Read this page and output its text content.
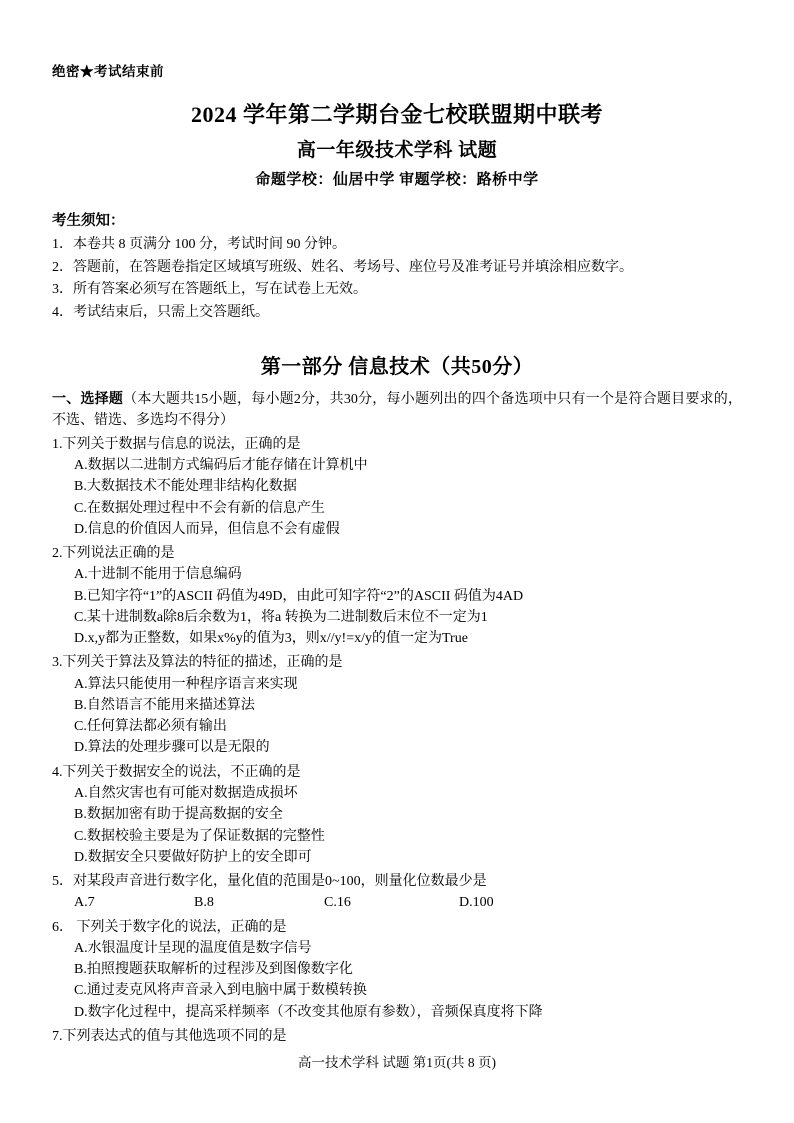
绝密★考试结束前
2024 学年第二学期台金七校联盟期中联考
高一年级技术学科 试题
命题学校：仙居中学 审题学校：路桥中学
考生须知：
1．本卷共 8 页满分 100 分，考试时间 90 分钟。
2．答题前，在答题卷指定区域填写班级、姓名、考场号、座位号及准考证号并填涂相应数字。
3．所有答案必须写在答题纸上，写在试卷上无效。
4．考试结束后，只需上交答题纸。
第一部分 信息技术（共50分）
一、选择题（本大题共15小题，每小题2分，共30分，每小题列出的四个备选项中只有一个是符合题目要求的，不选、错选、多选均不得分）
1.下列关于数据与信息的说法，正确的是
A.数据以二进制方式编码后才能存储在计算机中
B.大数据技术不能处理非结构化数据
C.在数据处理过程中不会有新的信息产生
D.信息的价值因人而异，但信息不会有虚假
2.下列说法正确的是
A.十进制不能用于信息编码
B.已知字符“1”的ASCII 码值为49D，由此可知字符“2”的ASCII 码值为4AD
C.某十进制数a除8后余数为1，将a 转换为二进制数后末位不一定为1
D.x,y都为正整数，如果x%y的值为3，则x//y!=x/y的值一定为True
3.下列关于算法及算法的特征的描述，正确的是
A.算法只能使用一种程序语言来实现
B.自然语言不能用来描述算法
C.任何算法都必须有输出
D.算法的处理步骤可以是无限的
4.下列关于数据安全的说法，不正确的是
A.自然灾害也有可能对数据造成损坏
B.数据加密有助于提高数据的安全
C.数据校验主要是为了保证数据的完整性
D.数据安全只要做好防护上的安全即可
5．对某段声音进行数字化，量化值的范围是0~100，则量化位数最少是
A.7	B.8	C.16	D.100
6． 下列关于数字化的说法，正确的是
A.水银温度计呈现的温度值是数字信号
B.拍照搜题获取解析的过程涉及到图像数字化
C.通过麦克风将声音录入到电脑中属于数模转换
D.数字化过程中，提高采样频率（不改变其他原有参数），音频保真度将下降
7.下列表达式的值与其他选项不同的是
高一技术学科 试题 第1页(共 8 页)
